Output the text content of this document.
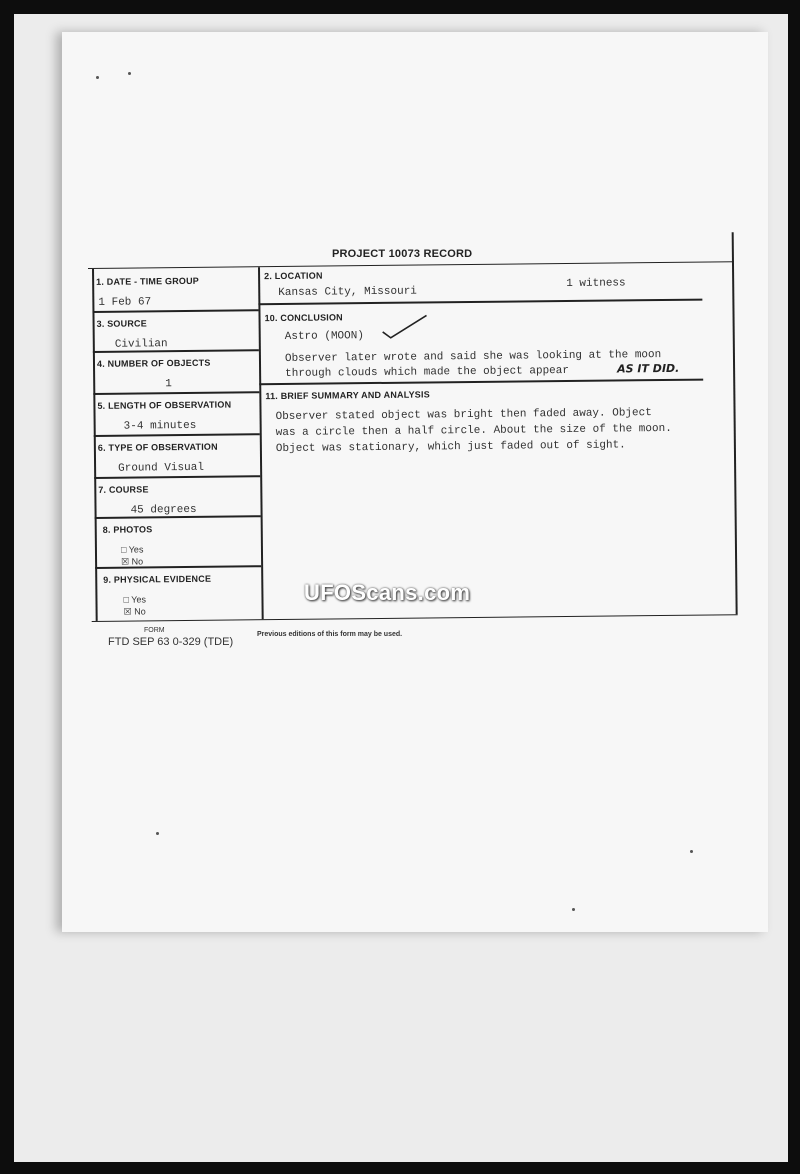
PROJECT 10073 RECORD
1. DATE - TIME GROUP
1 Feb 67
2. LOCATION
Kansas City, Missouri
1 witness
3. SOURCE
Civilian
4. NUMBER OF OBJECTS
1
5. LENGTH OF OBSERVATION
3-4 minutes
6. TYPE OF OBSERVATION
Ground Visual
7. COURSE
45 degrees
8. PHOTOS
□ Yes
☒ No
9. PHYSICAL EVIDENCE
□ Yes
☒ No
10. CONCLUSION
Astro (MOON)
Observer later wrote and said she was looking at the moon
through clouds which made the object appear	AS IT DID.
11. BRIEF SUMMARY AND ANALYSIS
Observer stated object was bright then faded away. Object
was a circle then a half circle. About the size of the moon.
Object was stationary, which just faded out of sight.
FORM
FTD SEP 63 0-329 (TDE)
Previous editions of this form may be used.
UFOScans.com
